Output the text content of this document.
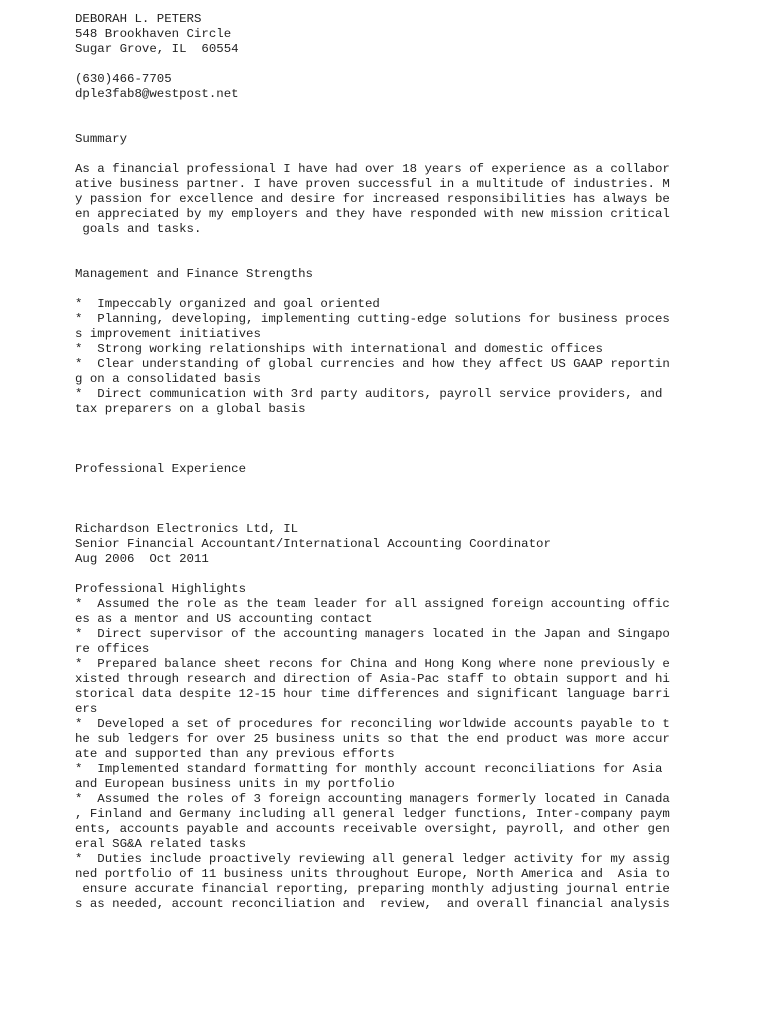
DEBORAH L. PETERS
548 Brookhaven Circle
Sugar Grove, IL  60554
(630)466-7705
dple3fab8@westpost.net
Summary
As a financial professional I have had over 18 years of experience as a collabor
ative business partner. I have proven successful in a multitude of industries. M
y passion for excellence and desire for increased responsibilities has always be
en appreciated by my employers and they have responded with new mission critical
goals and tasks.
Management and Finance Strengths
*  Impeccably organized and goal oriented
*  Planning, developing, implementing cutting-edge solutions for business proces
s improvement initiatives
*  Strong working relationships with international and domestic offices
*  Clear understanding of global currencies and how they affect US GAAP reportin
g on a consolidated basis
*  Direct communication with 3rd party auditors, payroll service providers, and
tax preparers on a global basis
Professional Experience
Richardson Electronics Ltd, IL
Senior Financial Accountant/International Accounting Coordinator
Aug 2006  Oct 2011
Professional Highlights
*  Assumed the role as the team leader for all assigned foreign accounting offic
es as a mentor and US accounting contact
*  Direct supervisor of the accounting managers located in the Japan and Singapo
re offices
*  Prepared balance sheet recons for China and Hong Kong where none previously e
xisted through research and direction of Asia-Pac staff to obtain support and hi
storical data despite 12-15 hour time differences and significant language barri
ers
*  Developed a set of procedures for reconciling worldwide accounts payable to t
he sub ledgers for over 25 business units so that the end product was more accur
ate and supported than any previous efforts
*  Implemented standard formatting for monthly account reconciliations for Asia
and European business units in my portfolio
*  Assumed the roles of 3 foreign accounting managers formerly located in Canada
, Finland and Germany including all general ledger functions, Inter-company paym
ents, accounts payable and accounts receivable oversight, payroll, and other gen
eral SG&A related tasks
*  Duties include proactively reviewing all general ledger activity for my assig
ned portfolio of 11 business units throughout Europe, North America and  Asia to
ensure accurate financial reporting, preparing monthly adjusting journal entrie
s as needed, account reconciliation and  review,  and overall financial analysis
